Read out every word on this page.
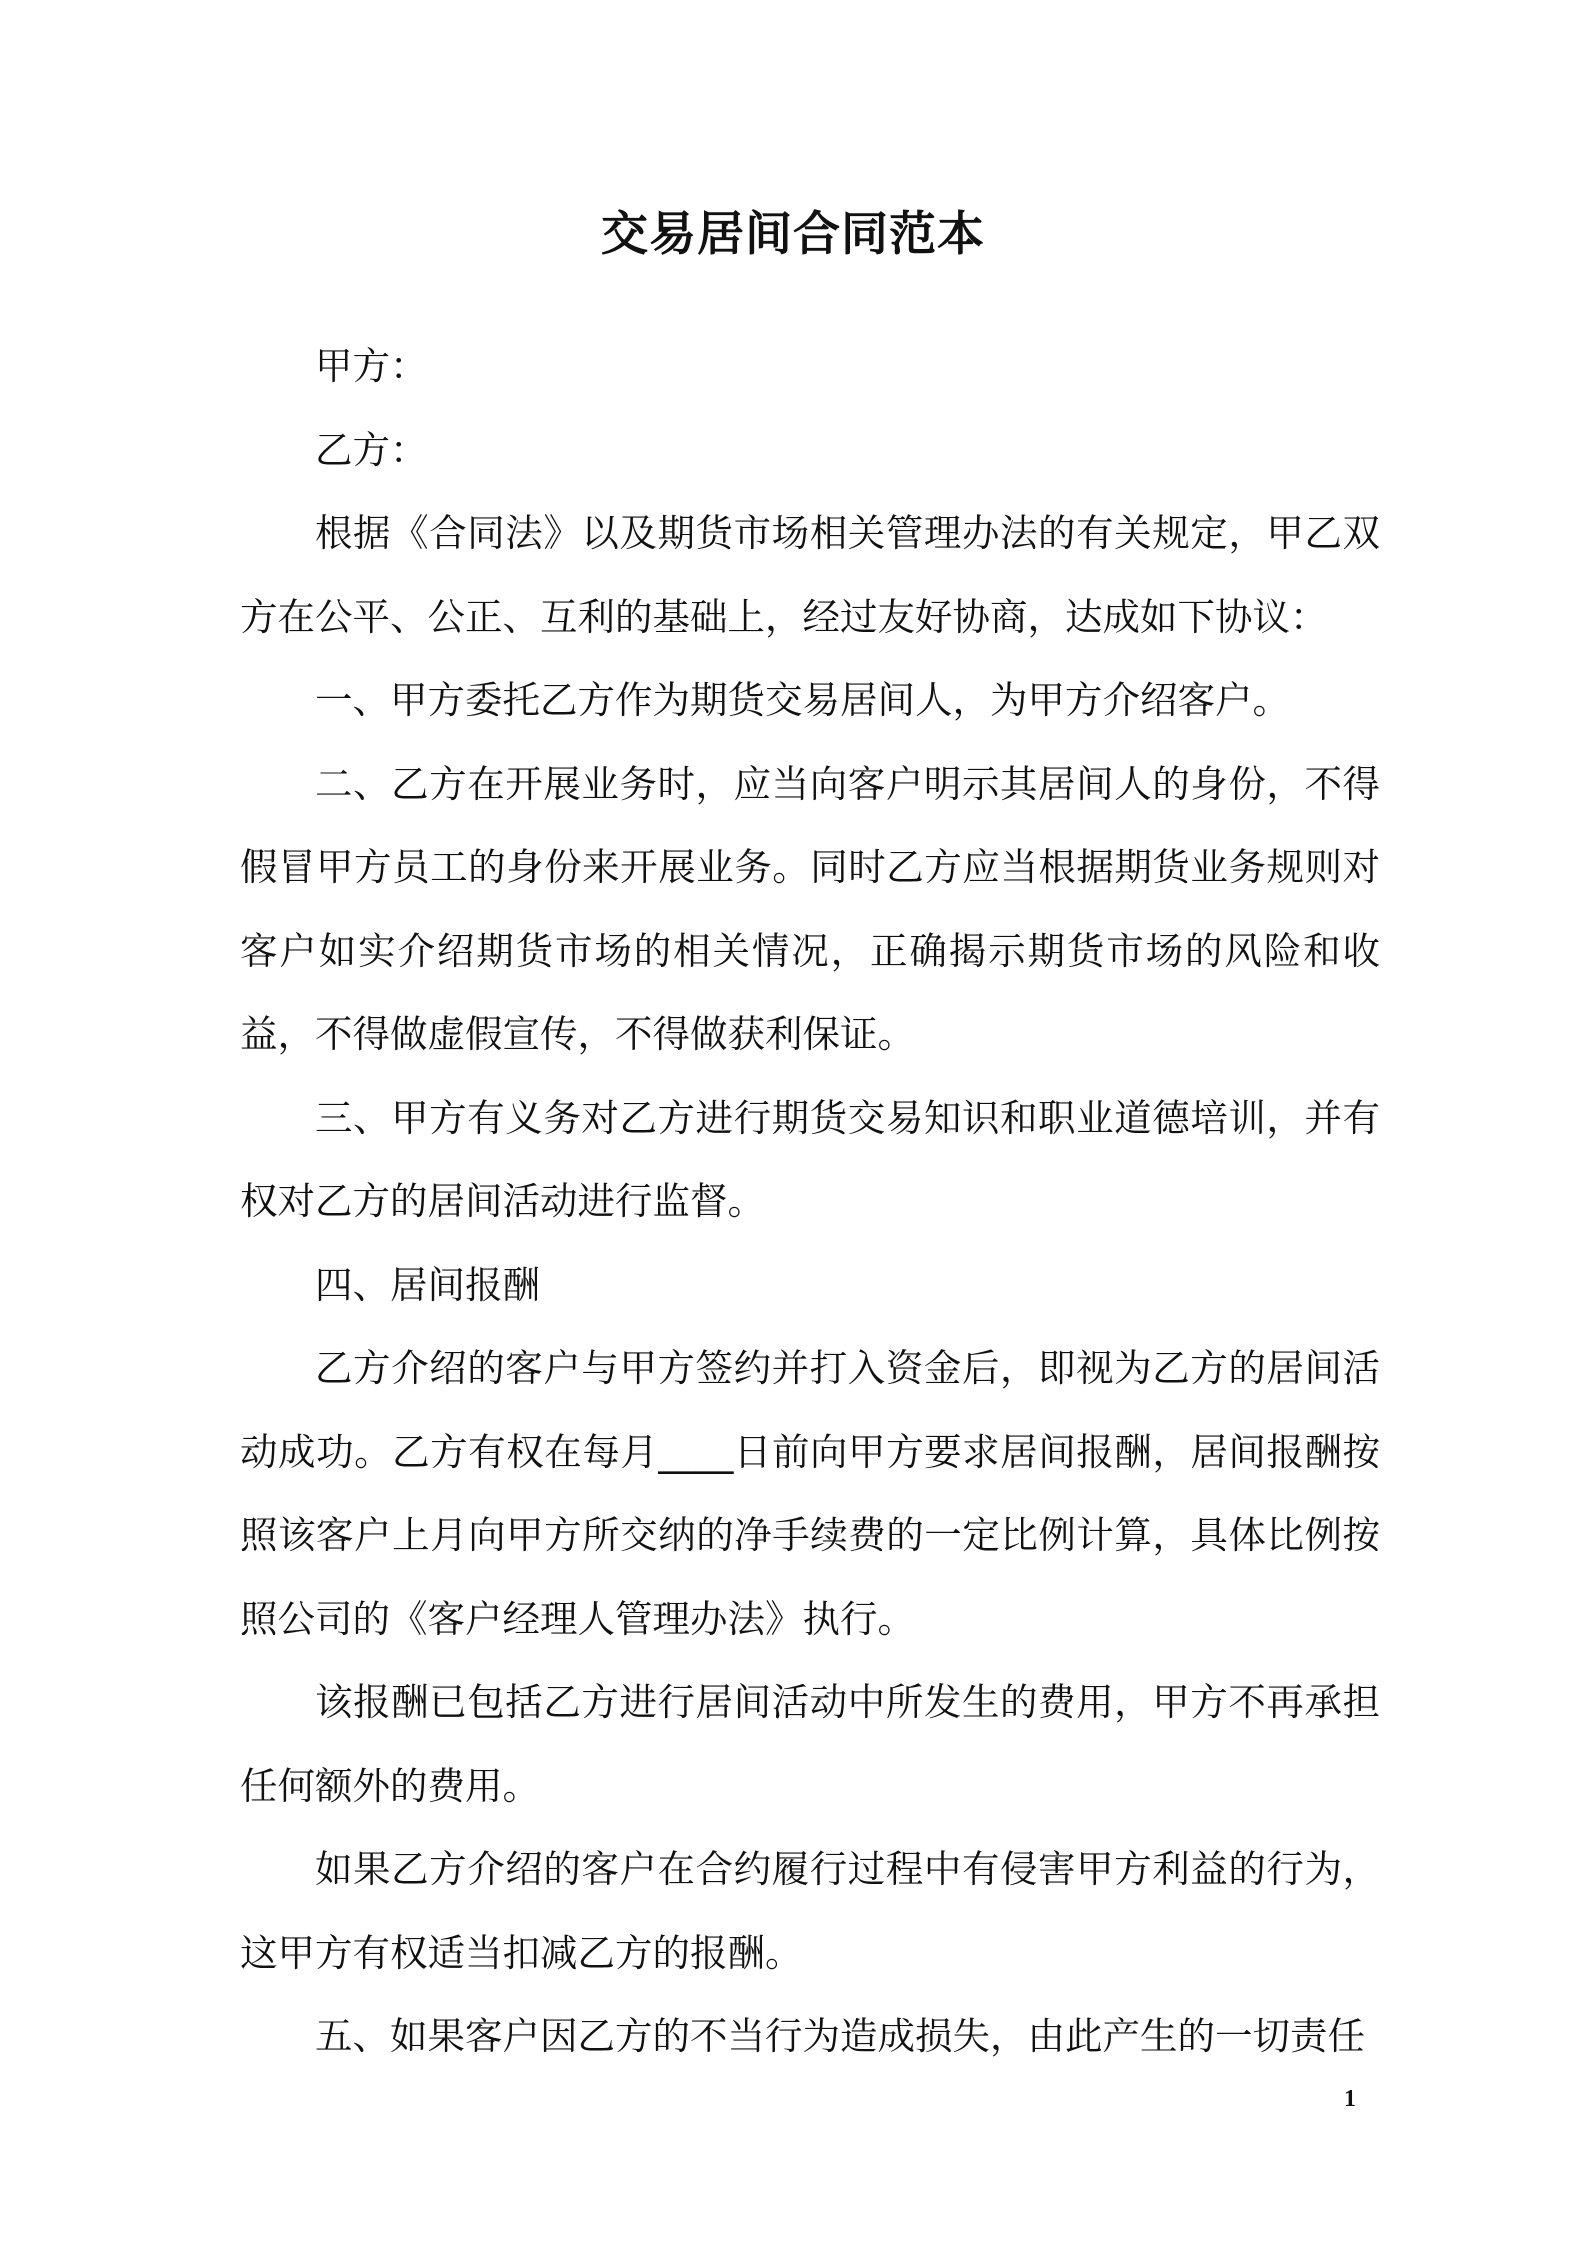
交易居间合同范本

甲方：

乙方：

根据《合同法》以及期货市场相关管理办法的有关规定，甲乙双方在公平、公正、互利的基础上，经过友好协商，达成如下协议：

一、甲方委托乙方作为期货交易居间人，为甲方介绍客户。

二、乙方在开展业务时，应当向客户明示其居间人的身份，不得假冒甲方员工的身份来开展业务。同时乙方应当根据期货业务规则对客户如实介绍期货市场的相关情况，正确揭示期货市场的风险和收益，不得做虚假宣传，不得做获利保证。

三、甲方有义务对乙方进行期货交易知识和职业道德培训，并有权对乙方的居间活动进行监督。

四、居间报酬

乙方介绍的客户与甲方签约并打入资金后，即视为乙方的居间活动成功。乙方有权在每月____日前向甲方要求居间报酬，居间报酬按照该客户上月向甲方所交纳的净手续费的一定比例计算，具体比例按照公司的《客户经理人管理办法》执行。

该报酬已包括乙方进行居间活动中所发生的费用，甲方不再承担任何额外的费用。

如果乙方介绍的客户在合约履行过程中有侵害甲方利益的行为，这甲方有权适当扣减乙方的报酬。

五、如果客户因乙方的不当行为造成损失，由此产生的一切责任

1
